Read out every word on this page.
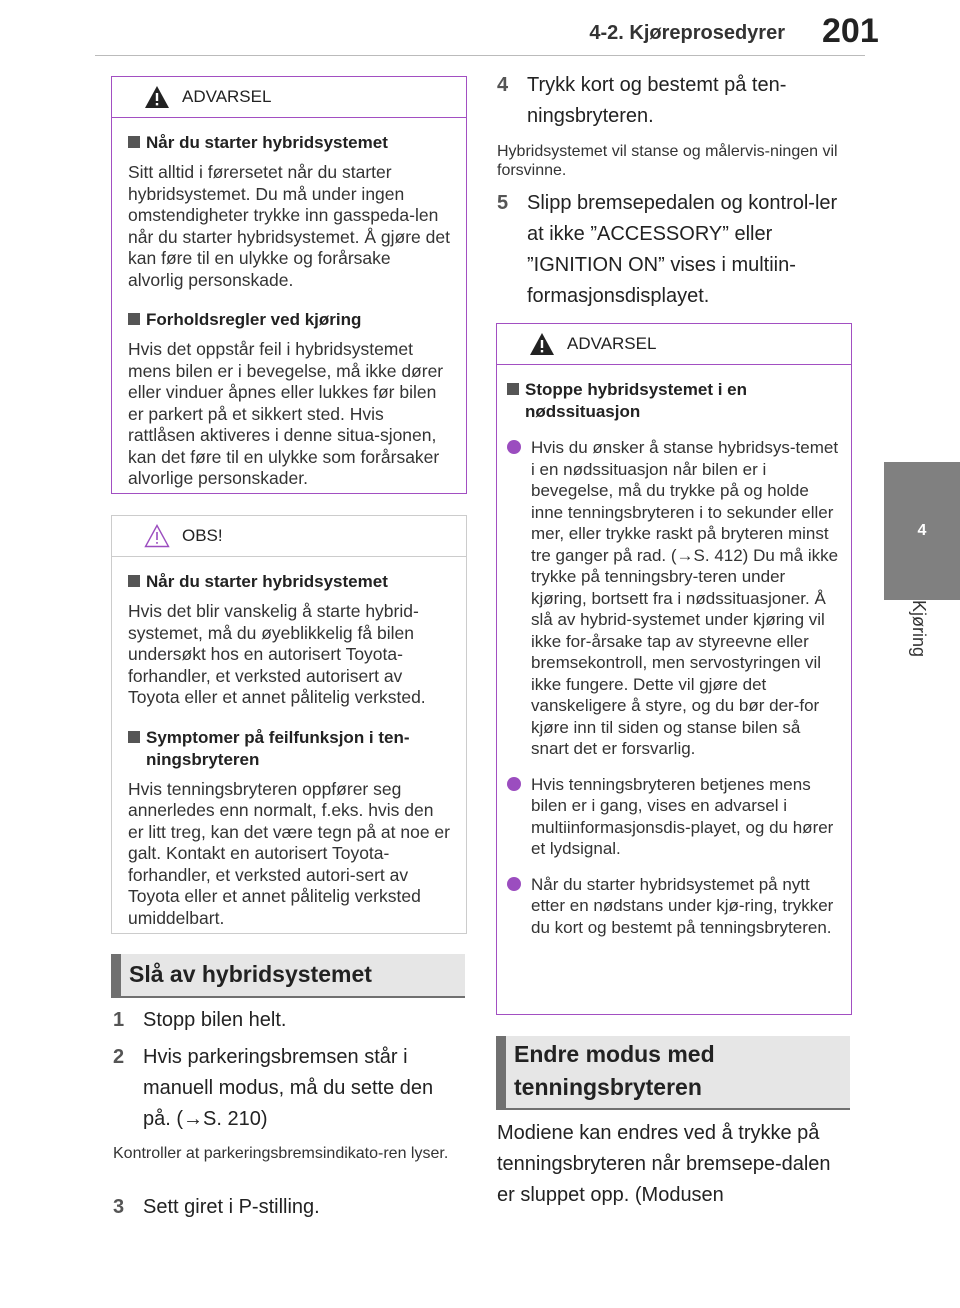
4-2. Kjøreprosedyrer 201
4
Kjøring
ADVARSEL
Når du starter hybridsystemet
Sitt alltid i førersetet når du starter hybridsystemet. Du må under ingen omstendigheter trykke inn gasspeda-len når du starter hybridsystemet. Å gjøre det kan føre til en ulykke og forårsake alvorlig personskade.
Forholdsregler ved kjøring
Hvis det oppstår feil i hybridsystemet mens bilen er i bevegelse, må ikke dører eller vinduer åpnes eller lukkes før bilen er parkert på et sikkert sted. Hvis rattlåsen aktiveres i denne situa-sjonen, kan det føre til en ulykke som forårsaker alvorlige personskader.
OBS!
Når du starter hybridsystemet
Hvis det blir vanskelig å starte hybrid-systemet, må du øyeblikkelig få bilen undersøkt hos en autorisert Toyota-forhandler, et verksted autorisert av Toyota eller et annet pålitelig verksted.
Symptomer på feilfunksjon i ten-ningsbryteren
Hvis tenningsbryteren oppfører seg annerledes enn normalt, f.eks. hvis den er litt treg, kan det være tegn på at noe er galt. Kontakt en autorisert Toyota-forhandler, et verksted autori-sert av Toyota eller et annet pålitelig verksted umiddelbart.
Slå av hybridsystemet
1 Stopp bilen helt.
2 Hvis parkeringsbremsen står i manuell modus, må du sette den på. (→S. 210)
Kontroller at parkeringsbremsindikato-ren lyser.
3 Sett giret i P-stilling.
4 Trykk kort og bestemt på ten-ningsbryteren.
Hybridsystemet vil stanse og målervis-ningen vil forsvinne.
5 Slipp bremsepedalen og kontrol-ler at ikke ”ACCESSORY” eller ”IGNITION ON” vises i multiin-formasjonsdisplayet.
ADVARSEL
Stoppe hybridsystemet i en nødssituasjon
Hvis du ønsker å stanse hybridsys-temet i en nødssituasjon når bilen er i bevegelse, må du trykke på og holde inne tenningsbryteren i to sekunder eller mer, eller trykke raskt på bryteren minst tre ganger på rad. (→S. 412) Du må ikke trykke på tenningsbry-teren under kjøring, bortsett fra i nødssituasjoner. Å slå av hybrid-systemet under kjøring vil ikke for-årsake tap av styreevne eller bremsekontroll, men servostyringen vil ikke fungere. Dette vil gjøre det vanskeligere å styre, og du bør der-for kjøre inn til siden og stanse bilen så snart det er forsvarlig.
Hvis tenningsbryteren betjenes mens bilen er i gang, vises en advarsel i multiinformasjonsdis-playet, og du hører et lydsignal.
Når du starter hybridsystemet på nytt etter en nødstans under kjø-ring, trykker du kort og bestemt på tenningsbryteren.
Endre modus med
tenningsbryteren
Modiene kan endres ved å trykke på tenningsbryteren når bremsepe-dalen er sluppet opp. (Modusen
